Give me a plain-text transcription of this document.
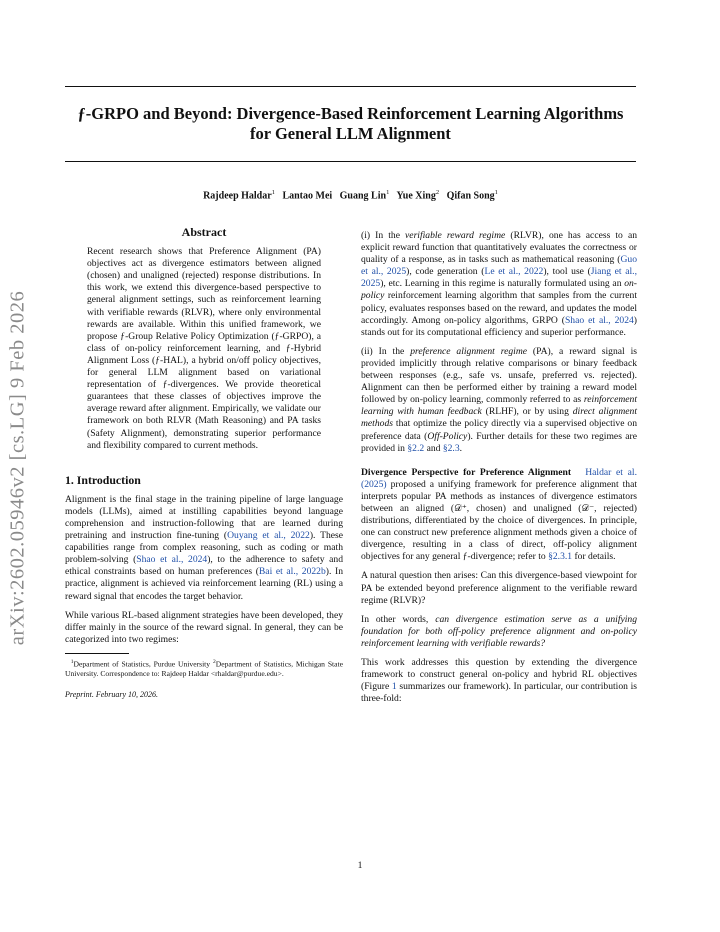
ƒ-GRPO and Beyond: Divergence-Based Reinforcement Learning Algorithms for General LLM Alignment
Rajdeep Haldar$^1$ Lantao Mei Guang Lin$^1$ Yue Xing$^2$ Qifan Song$^1$
arXiv:2602.05946v2 [cs.LG] 9 Feb 2026
Abstract
Recent research shows that Preference Alignment (PA) objectives act as divergence estimators between aligned (chosen) and unaligned (rejected) response distributions. In this work, we extend this divergence-based perspective to general alignment settings, such as reinforcement learning with verifiable rewards (RLVR), where only environmental rewards are available. Within this unified framework, we propose ƒ-Group Relative Policy Optimization (ƒ-GRPO), a class of on-policy reinforcement learning, and ƒ-Hybrid Alignment Loss (ƒ-HAL), a hybrid on/off policy objectives, for general LLM alignment based on variational representation of ƒ-divergences. We provide theoretical guarantees that these classes of objectives improve the average reward after alignment. Empirically, we validate our framework on both RLVR (Math Reasoning) and PA tasks (Safety Alignment), demonstrating superior performance and flexibility compared to current methods.
1. Introduction

Alignment is the final stage in the training pipeline of large language models (LLMs), aimed at instilling capabilities beyond language comprehension and instruction-following that are learned during pretraining and instruction fine-tuning (Ouyang et al., 2022). These capabilities range from complex reasoning, such as coding or math problem-solving (Shao et al., 2024), to the adherence to safety and ethical constraints based on human preferences (Bai et al., 2022b). In practice, alignment is achieved via reinforcement learning (RL) using a reward signal that encodes the target behavior.

While various RL-based alignment strategies have been developed, they differ mainly in the source of the reward signal. In general, they can be categorized into two regimes:

$^1$Department of Statistics, Purdue University $^2$Department of Statistics, Michigan State University. Correspondence to: Rajdeep Haldar <rhaldar@purdue.edu>.
Preprint. February 10, 2026.

(i) In the verifiable reward regime (RLVR), one has access to an explicit reward function that quantitatively evaluates the correctness or quality of a response, as in tasks such as mathematical reasoning (Guo et al., 2025), code generation (Le et al., 2022), tool use (Jiang et al., 2025), etc. Learning in this regime is naturally formulated using an on-policy reinforcement learning algorithm that samples from the current policy, evaluates responses based on the reward, and updates the model accordingly. Among on-policy algorithms, GRPO (Shao et al., 2024) stands out for its computational efficiency and superior performance.

(ii) In the preference alignment regime (PA), a reward signal is provided implicitly through relative comparisons or binary feedback between responses (e.g., safe vs. unsafe, preferred vs. rejected). Alignment can then be performed either by training a reward model followed by on-policy learning, commonly referred to as reinforcement learning with human feedback (RLHF), or by using direct alignment methods that optimize the policy directly via a supervised objective on preference data (Off-Policy). Further details for these two regimes are provided in §2.2 and §2.3.

Divergence Perspective for Preference Alignment Haldar et al. (2025) proposed a unifying framework for preference alignment that interprets popular PA methods as instances of divergence estimators between an aligned (𝒟⁺, chosen) and unaligned (𝒟⁻, rejected) distributions, differentiated by the choice of divergences. In principle, one can construct new preference alignment methods given a choice of divergence, resulting in a class of direct, off-policy alignment objectives for any general ƒ-divergence; refer to §2.3.1 for details.

A natural question then arises: Can this divergence-based viewpoint for PA be extended beyond preference alignment to the verifiable reward regime (RLVR)?

In other words, can divergence estimation serve as a unifying foundation for both off-policy preference alignment and on-policy reinforcement learning with verifiable rewards?

This work addresses this question by extending the divergence framework to construct general on-policy and hybrid RL objectives (Figure 1 summarizes our framework). In particular, our contribution is three-fold:

1
